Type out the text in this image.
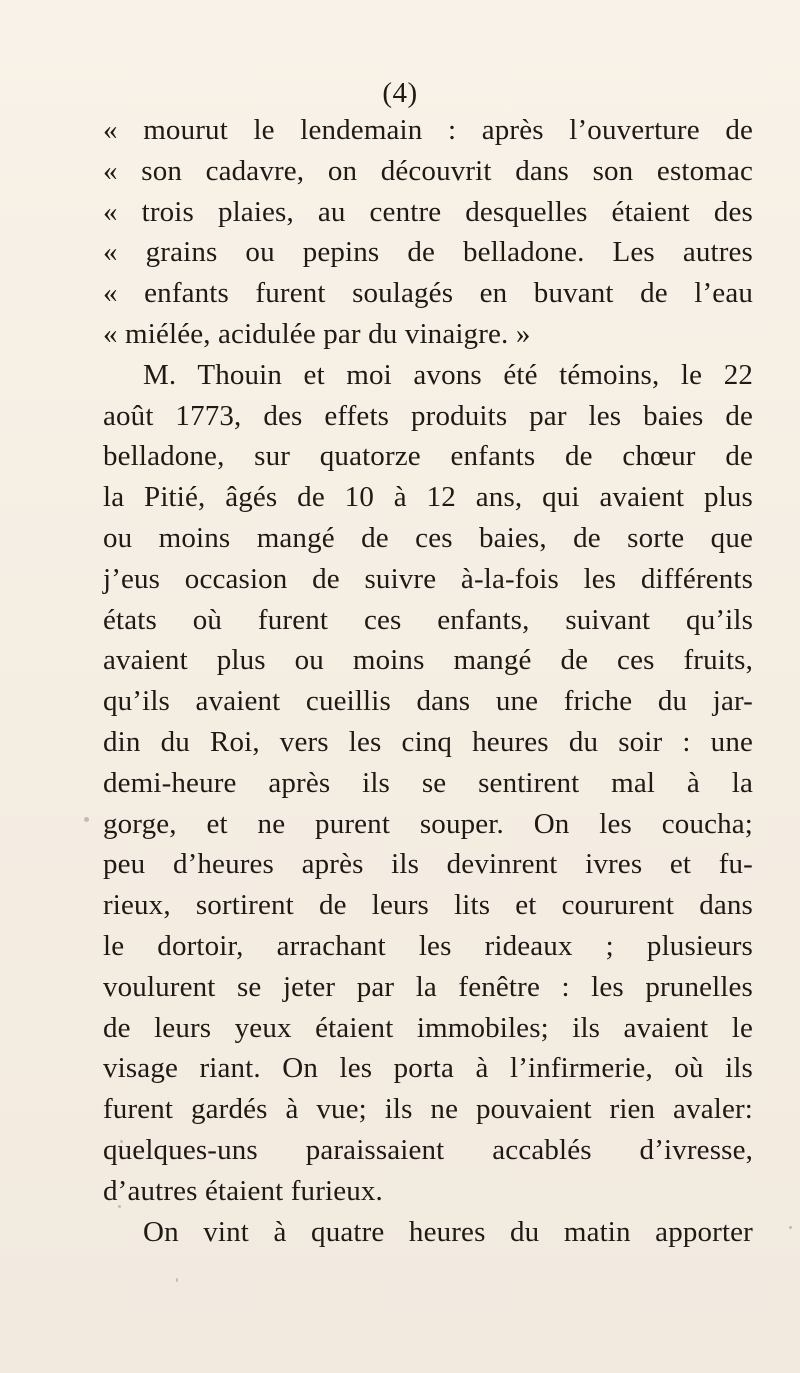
(4)
« mourut le lendemain : après l’ouverture de
« son cadavre, on découvrit dans son estomac
« trois plaies, au centre desquelles étaient des
« grains ou pepins de belladone. Les autres
« enfants furent soulagés en buvant de l’eau
« miélée, acidulée par du vinaigre. »
M. Thouin et moi avons été témoins, le 22
août 1773, des effets produits par les baies de
belladone, sur quatorze enfants de chœur de
la Pitié, âgés de 10 à 12 ans, qui avaient plus
ou moins mangé de ces baies, de sorte que
j’eus occasion de suivre à-la-fois les différents
états où furent ces enfants, suivant qu’ils
avaient plus ou moins mangé de ces fruits,
qu’ils avaient cueillis dans une friche du jar-
din du Roi, vers les cinq heures du soir : une
demi-heure après ils se sentirent mal à la
gorge, et ne purent souper. On les coucha;
peu d’heures après ils devinrent ivres et fu-
rieux, sortirent de leurs lits et coururent dans
le dortoir, arrachant les rideaux ; plusieurs
voulurent se jeter par la fenêtre : les prunelles
de leurs yeux étaient immobiles; ils avaient le
visage riant. On les porta à l’infirmerie, où ils
furent gardés à vue; ils ne pouvaient rien avaler:
quelques-uns paraissaient accablés d’ivresse,
d’autres étaient furieux.
On vint à quatre heures du matin apporter
